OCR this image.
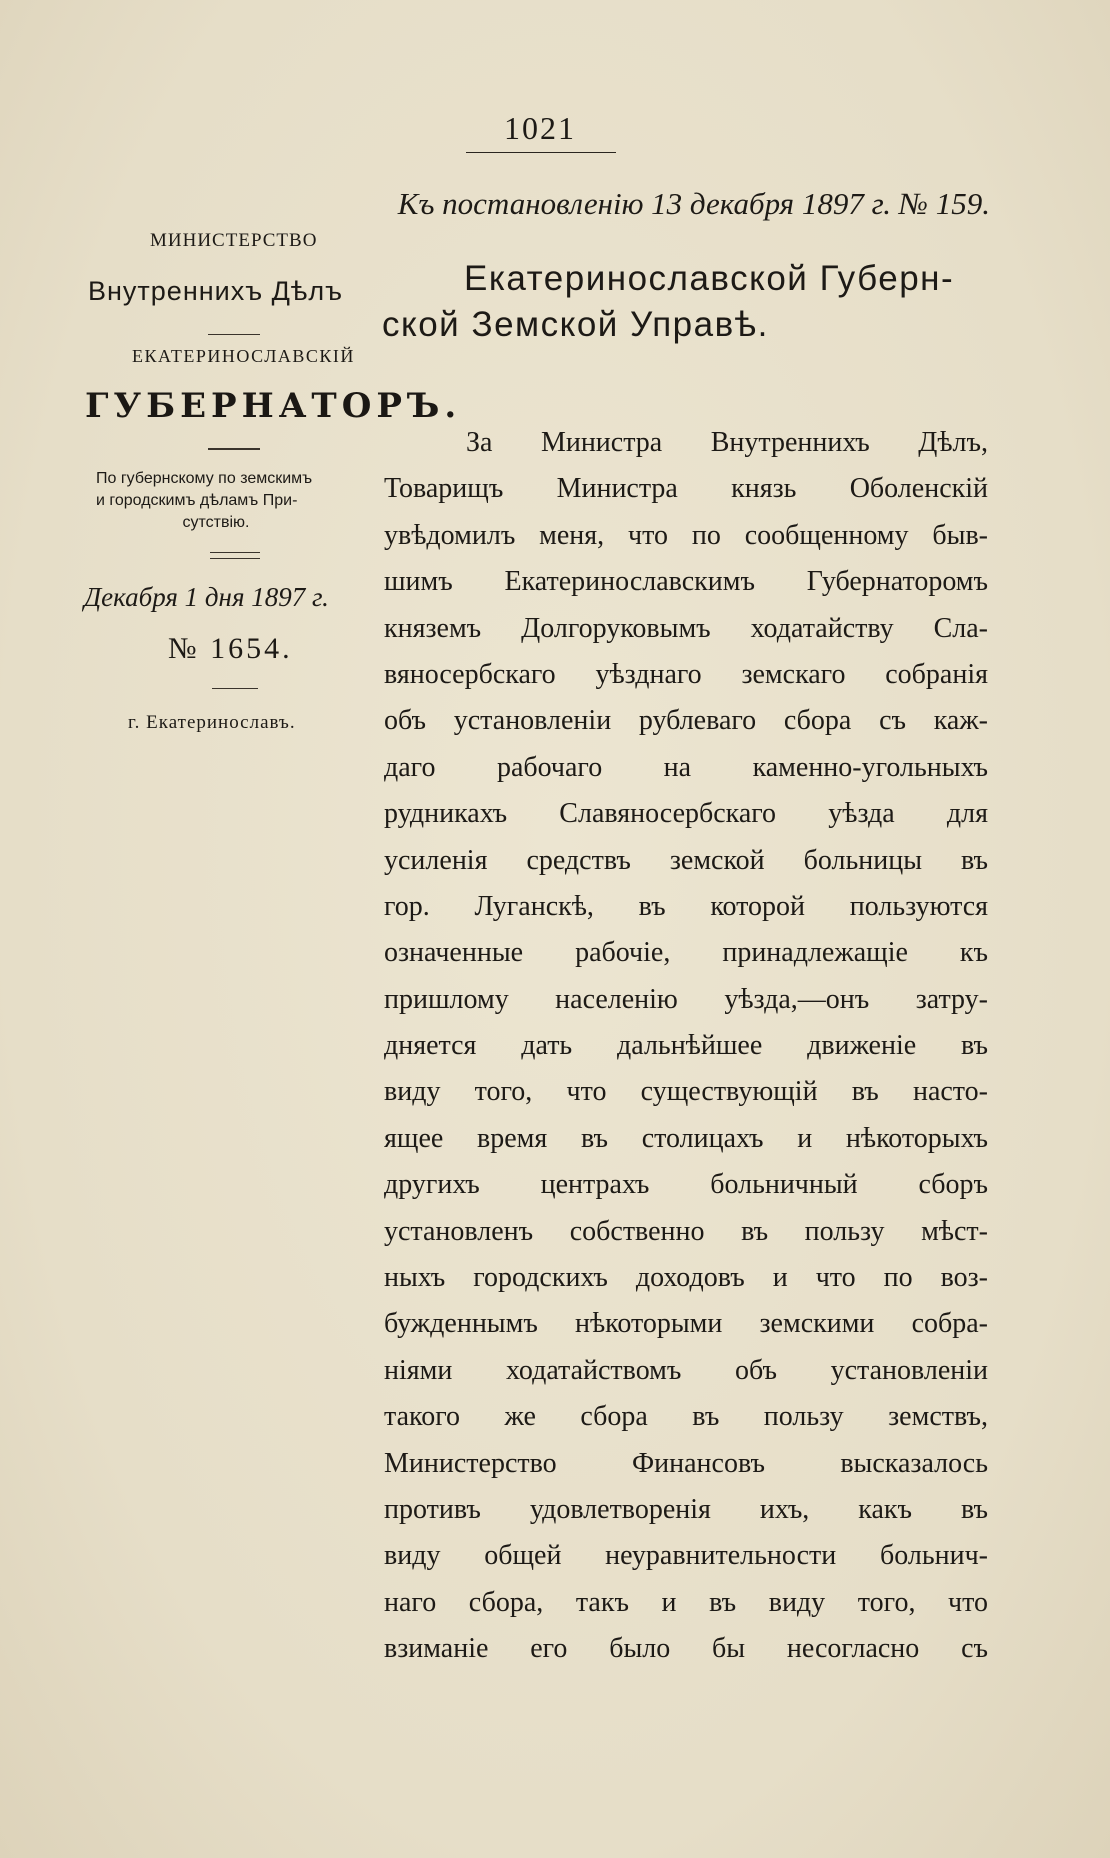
1021
Къ постановленію 13 декабря 1897 г. № 159.
МИНИСТЕРСТВО
Внутреннихъ Дѣлъ
ЕКАТЕРИНОСЛАВСКІЙ
ГУБЕРНАТОРЪ.
По губернскому по земскимъ
и городскимъ дѣламъ При-
сутствію.
Декабря 1 дня 1897 г.
№ 1654.
г. Екатеринославъ.
Екатеринославской Губерн-
ской Земской Управѣ.
За Министра Внутреннихъ Дѣлъ,
Товарищъ Министра князь Оболенскій
увѣдомилъ меня, что по сообщенному быв-
шимъ Екатеринославскимъ Губернаторомъ
княземъ Долгоруковымъ ходатайству Сла-
вяносербскаго уѣзднаго земскаго собранія
объ установленіи рублеваго сбора съ каж-
даго рабочаго на каменно-угольныхъ
рудникахъ Славяносербскаго уѣзда для
усиленія средствъ земской больницы въ
гор. Луганскѣ, въ которой пользуются
означенные рабочіе, принадлежащіе къ
пришлому населенію уѣзда,—онъ затру-
дняется дать дальнѣйшее движеніе въ
виду того, что существующій въ насто-
ящее время въ столицахъ и нѣкоторыхъ
другихъ центрахъ больничный сборъ
установленъ собственно въ пользу мѣст-
ныхъ городскихъ доходовъ и что по воз-
бужденнымъ нѣкоторыми земскими собра-
ніями ходатайствомъ объ установленіи
такого же сбора въ пользу земствъ,
Министерство Финансовъ высказалось
противъ удовлетворенія ихъ, какъ въ
виду общей неуравнительности больнич-
наго сбора, такъ и въ виду того, что
взиманіе его было бы несогласно съ
